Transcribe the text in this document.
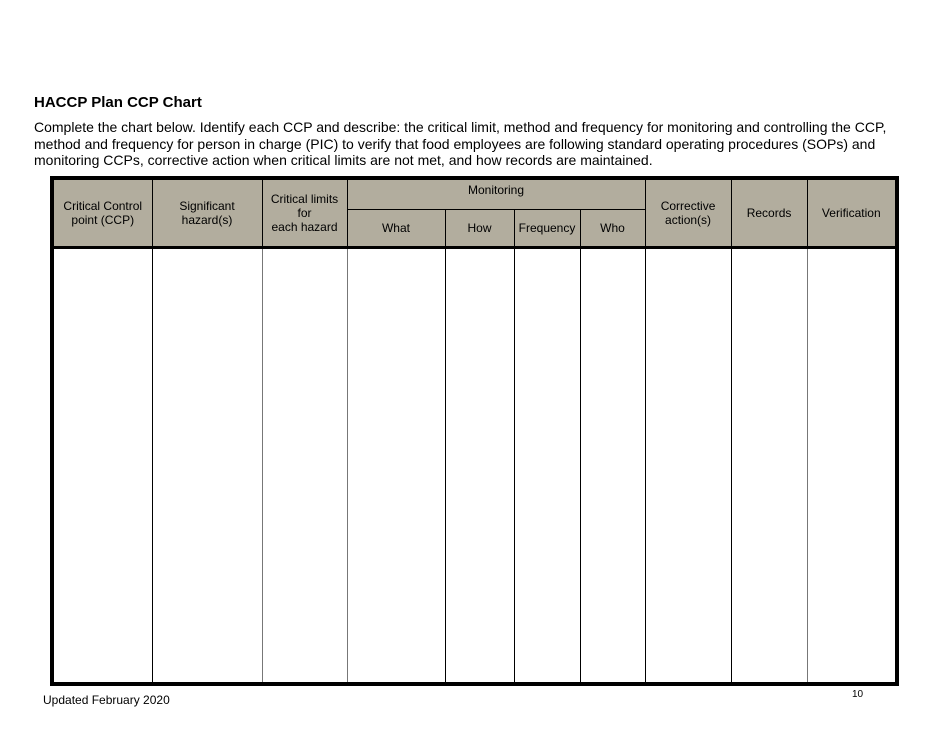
HACCP Plan CCP Chart
Complete the chart below. Identify each CCP and describe: the critical limit, method and frequency for monitoring and controlling the CCP,
method and frequency for person in charge (PIC) to verify that food employees are following standard operating procedures (SOPs) and
monitoring CCPs, corrective action when critical limits are not met, and how records are maintained.
Critical Control point (CCP)	Significant hazard(s)	Critical limits
for
each hazard	Monitoring				Corrective action(s)	Records	Verification
			What	How	Frequency	Who			

Updated February 2020	10
